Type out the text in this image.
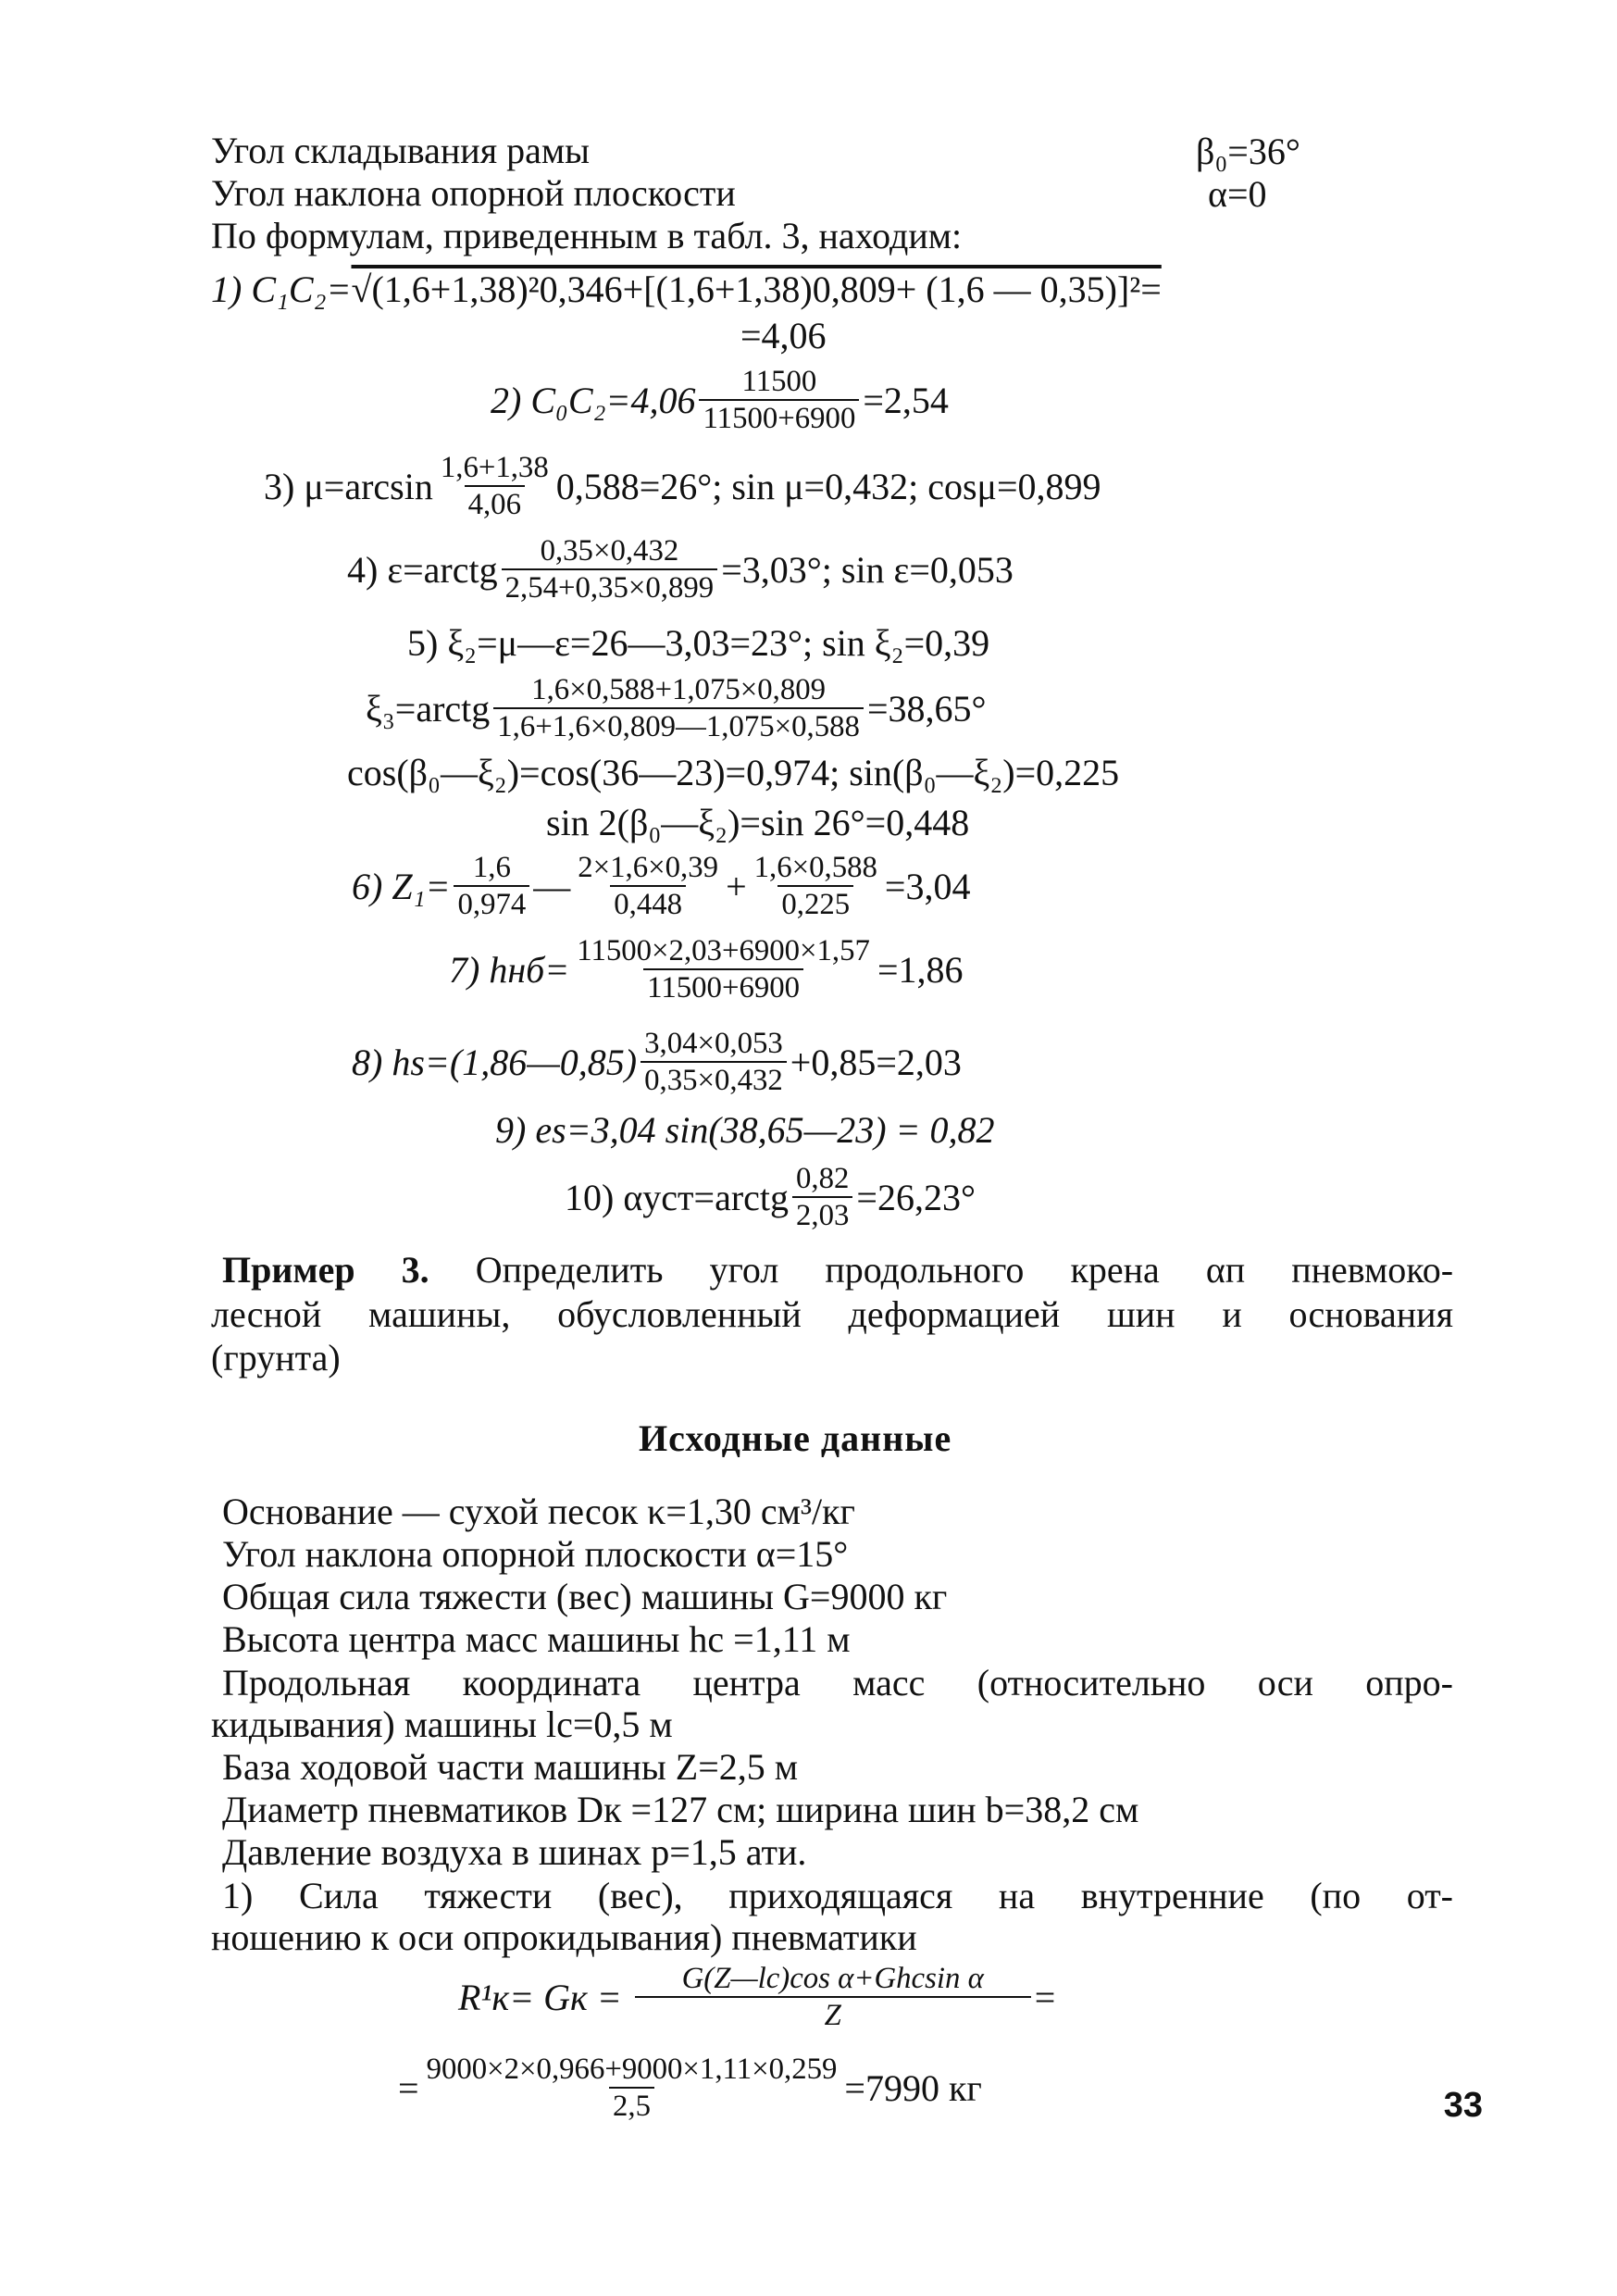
Угол складывания рамы	β₀=36°
Угол наклона опорной плоскости	α=0
По формулам, приведенным в табл. 3, находим:
1) C₁C₂=√(1,6+1,38)²0,346+[(1,6+1,38)0,809+ (1,6 — 0,35)]²=
=4,06
2) $C_0C_2=4,06 \frac{11500}{11500+6900} =2,54$
3) $\mu=\arcsin \frac{1,6+1,38}{4,06} 0,588=26^\circ$; sin μ=0,432; cosμ=0,899
4) ε=arctg $\frac{0,35\times 0,432}{2,54+0,35\times 0,899} =3,03^\circ$; sin ε=0,053
5) ξ₂=μ—ε=26—3,03=23°; sin ξ₂=0,39
ξ₃=arctg $\frac{1,6\times 0,588+1,075\times 0,809}{1,6+1,6\times 0,809—1,075\times 0,588} =38,65^\circ$
cos(β₀—ξ₂)=cos(36—23)=0,974; sin(β₀—ξ₂)=0,225
sin 2(β₀—ξ₂)=sin 26°=0,448
6) $Z_1= \frac{1,6}{0,974}$ — $\frac{2\times 1,6\times 0,39}{0,448} + \frac{1,6\times 0,588}{0,225} =3,04$
7) $hнб= \frac{11500\times 2,03+6900\times 1,57}{11500+6900} =1,86$
8) hs=(1,86—0,85) $\frac{3,04\times 0,053}{0,35\times 0,432} +0,85=2,03$
9) es=3,04 sin(38,65—23) = 0,82
10) αуст=arctg $\frac{0,82}{2,03} =26,23^\circ$
Пример 3. Определить угол продольного крена αп пневмоко-
лесной машины, обусловленный деформацией шин и основания
(грунта)
Исходные данные
Основание — сухой песок κ=1,30 см³/кг
Угол наклона опорной плоскости α=15°
Общая сила тяжести (вес) машины G=9000 кг
Высота центра масс машины hc =1,11 м
Продольная координата центра масс (относительно оси опро-
кидывания) машины lc=0,5 м
База ходовой части машины Z=2,5 м
Диаметр пневматиков Dк =127 см; ширина шин b=38,2 см
Давление воздуха в шинах p=1,5 ати.
1) Сила тяжести (вес), приходящаяся на внутренние (по от-
ношению к оси опрокидывания) пневматики
R¹к= Gк = $\frac{\text{G(Z—lc)cos α+Ghcsin α}}{Z}$ =
= $\frac{9000\times 2\times 0,966+9000\times 1,11\times 0,259}{2,5} =7990$ кг	33
